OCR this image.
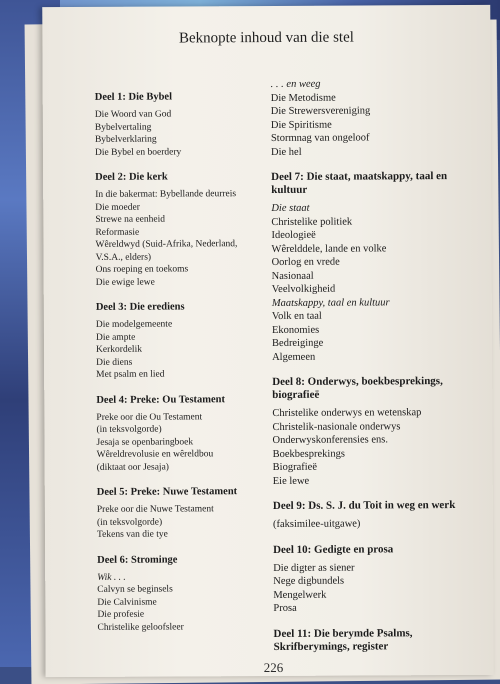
Beknopte inhoud van die stel
Deel 1: Die Bybel
Die Woord van God
Bybelvertaling
Bybelverklaring
Die Bybel en boerdery
Deel 2: Die kerk
In die bakermat: Bybellande deurreis
Die moeder
Strewe na eenheid
Reformasie
Wêreldwyd (Suid-Afrika, Nederland,
V.S.A., elders)
Ons roeping en toekoms
Die ewige lewe
Deel 3: Die erediens
Die modelgemeente
Die ampte
Kerkordelik
Die diens
Met psalm en lied
Deel 4: Preke: Ou Testament
Preke oor die Ou Testament
(in teksvolgorde)
Jesaja se openbaringboek
Wêreldrevolusie en wêreldbou
(diktaat oor Jesaja)
Deel 5: Preke: Nuwe Testament
Preke oor die Nuwe Testament
(in teksvolgorde)
Tekens van die tye
Deel 6: Strominge
Wik . . .
Calvyn se beginsels
Die Calvinisme
Die profesie
Christelike geloofsleer
. . . en weeg
Die Metodisme
Die Strewersvereniging
Die Spiritisme
Stormnag van ongeloof
Die hel
Deel 7: Die staat, maatskappy, taal en kultuur
Die staat
Christelike politiek
Ideologieë
Wêrelddele, lande en volke
Oorlog en vrede
Nasionaal
Veelvolkigheid
Maatskappy, taal en kultuur
Volk en taal
Ekonomies
Bedreiginge
Algemeen
Deel 8: Onderwys, boekbesprekings, biografieë
Christelike onderwys en wetenskap
Christelik-nasionale onderwys
Onderwyskonferensies ens.
Boekbesprekings
Biografieë
Eie lewe
Deel 9: Ds. S. J. du Toit in weg en werk
(faksimilee-uitgawe)
Deel 10: Gedigte en prosa
Die digter as siener
Nege digbundels
Mengelwerk
Prosa
Deel 11: Die berymde Psalms, Skrifberymings, register
226
